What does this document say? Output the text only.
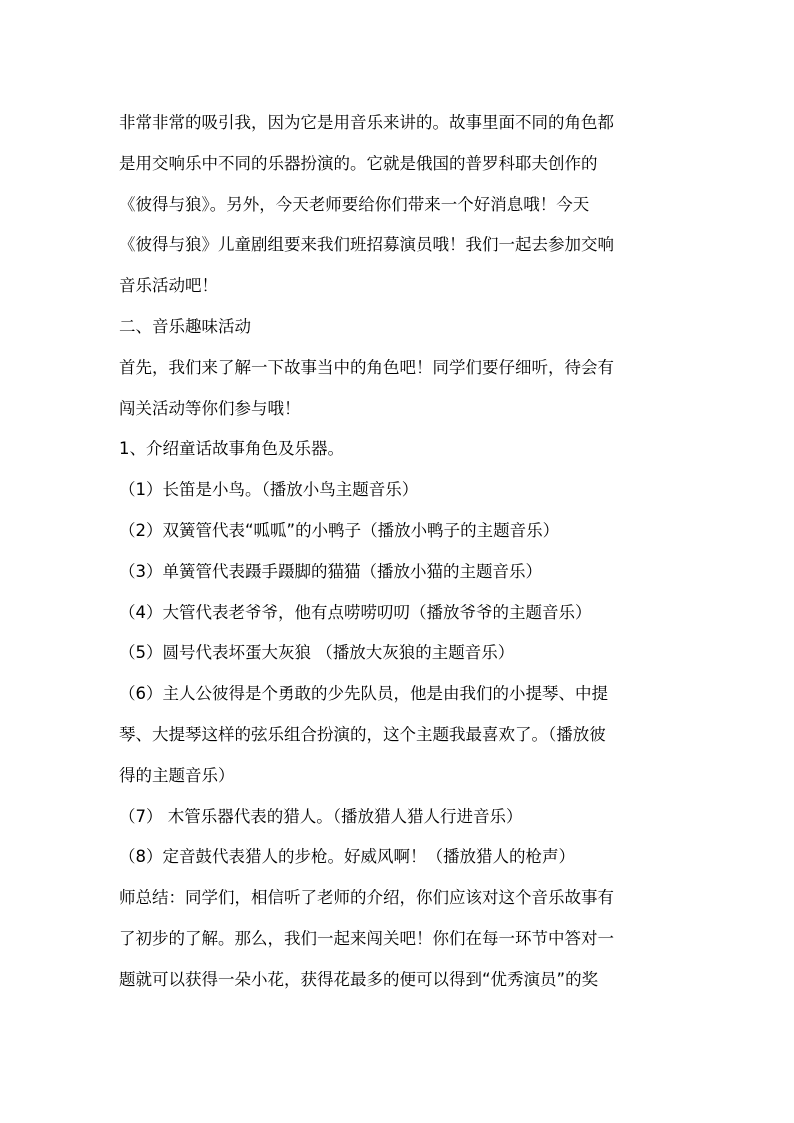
非常非常的吸引我，因为它是用音乐来讲的。故事里面不同的角色都
是用交响乐中不同的乐器扮演的。它就是俄国的普罗科耶夫创作的
《彼得与狼》。另外，今天老师要给你们带来一个好消息哦！今天
《彼得与狼》儿童剧组要来我们班招募演员哦！我们一起去参加交响
音乐活动吧！
二、音乐趣味活动
首先，我们来了解一下故事当中的角色吧！同学们要仔细听，待会有
闯关活动等你们参与哦！
1、介绍童话故事角色及乐器。
（1）长笛是小鸟。（播放小鸟主题音乐）
（2）双簧管代表“呱呱”的小鸭子（播放小鸭子的主题音乐）
（3）单簧管代表蹑手蹑脚的猫猫（播放小猫的主题音乐）
（4）大管代表老爷爷，他有点唠唠叨叨（播放爷爷的主题音乐）
（5）圆号代表坏蛋大灰狼 （播放大灰狼的主题音乐）
（6）主人公彼得是个勇敢的少先队员，他是由我们的小提琴、中提
琴、大提琴这样的弦乐组合扮演的，这个主题我最喜欢了。（播放彼
得的主题音乐）
（7） 木管乐器代表的猎人。（播放猎人猎人行进音乐）
（8）定音鼓代表猎人的步枪。好威风啊！（播放猎人的枪声）
师总结：同学们，相信听了老师的介绍，你们应该对这个音乐故事有
了初步的了解。那么，我们一起来闯关吧！你们在每一环节中答对一
题就可以获得一朵小花，获得花最多的便可以得到“优秀演员”的奖
